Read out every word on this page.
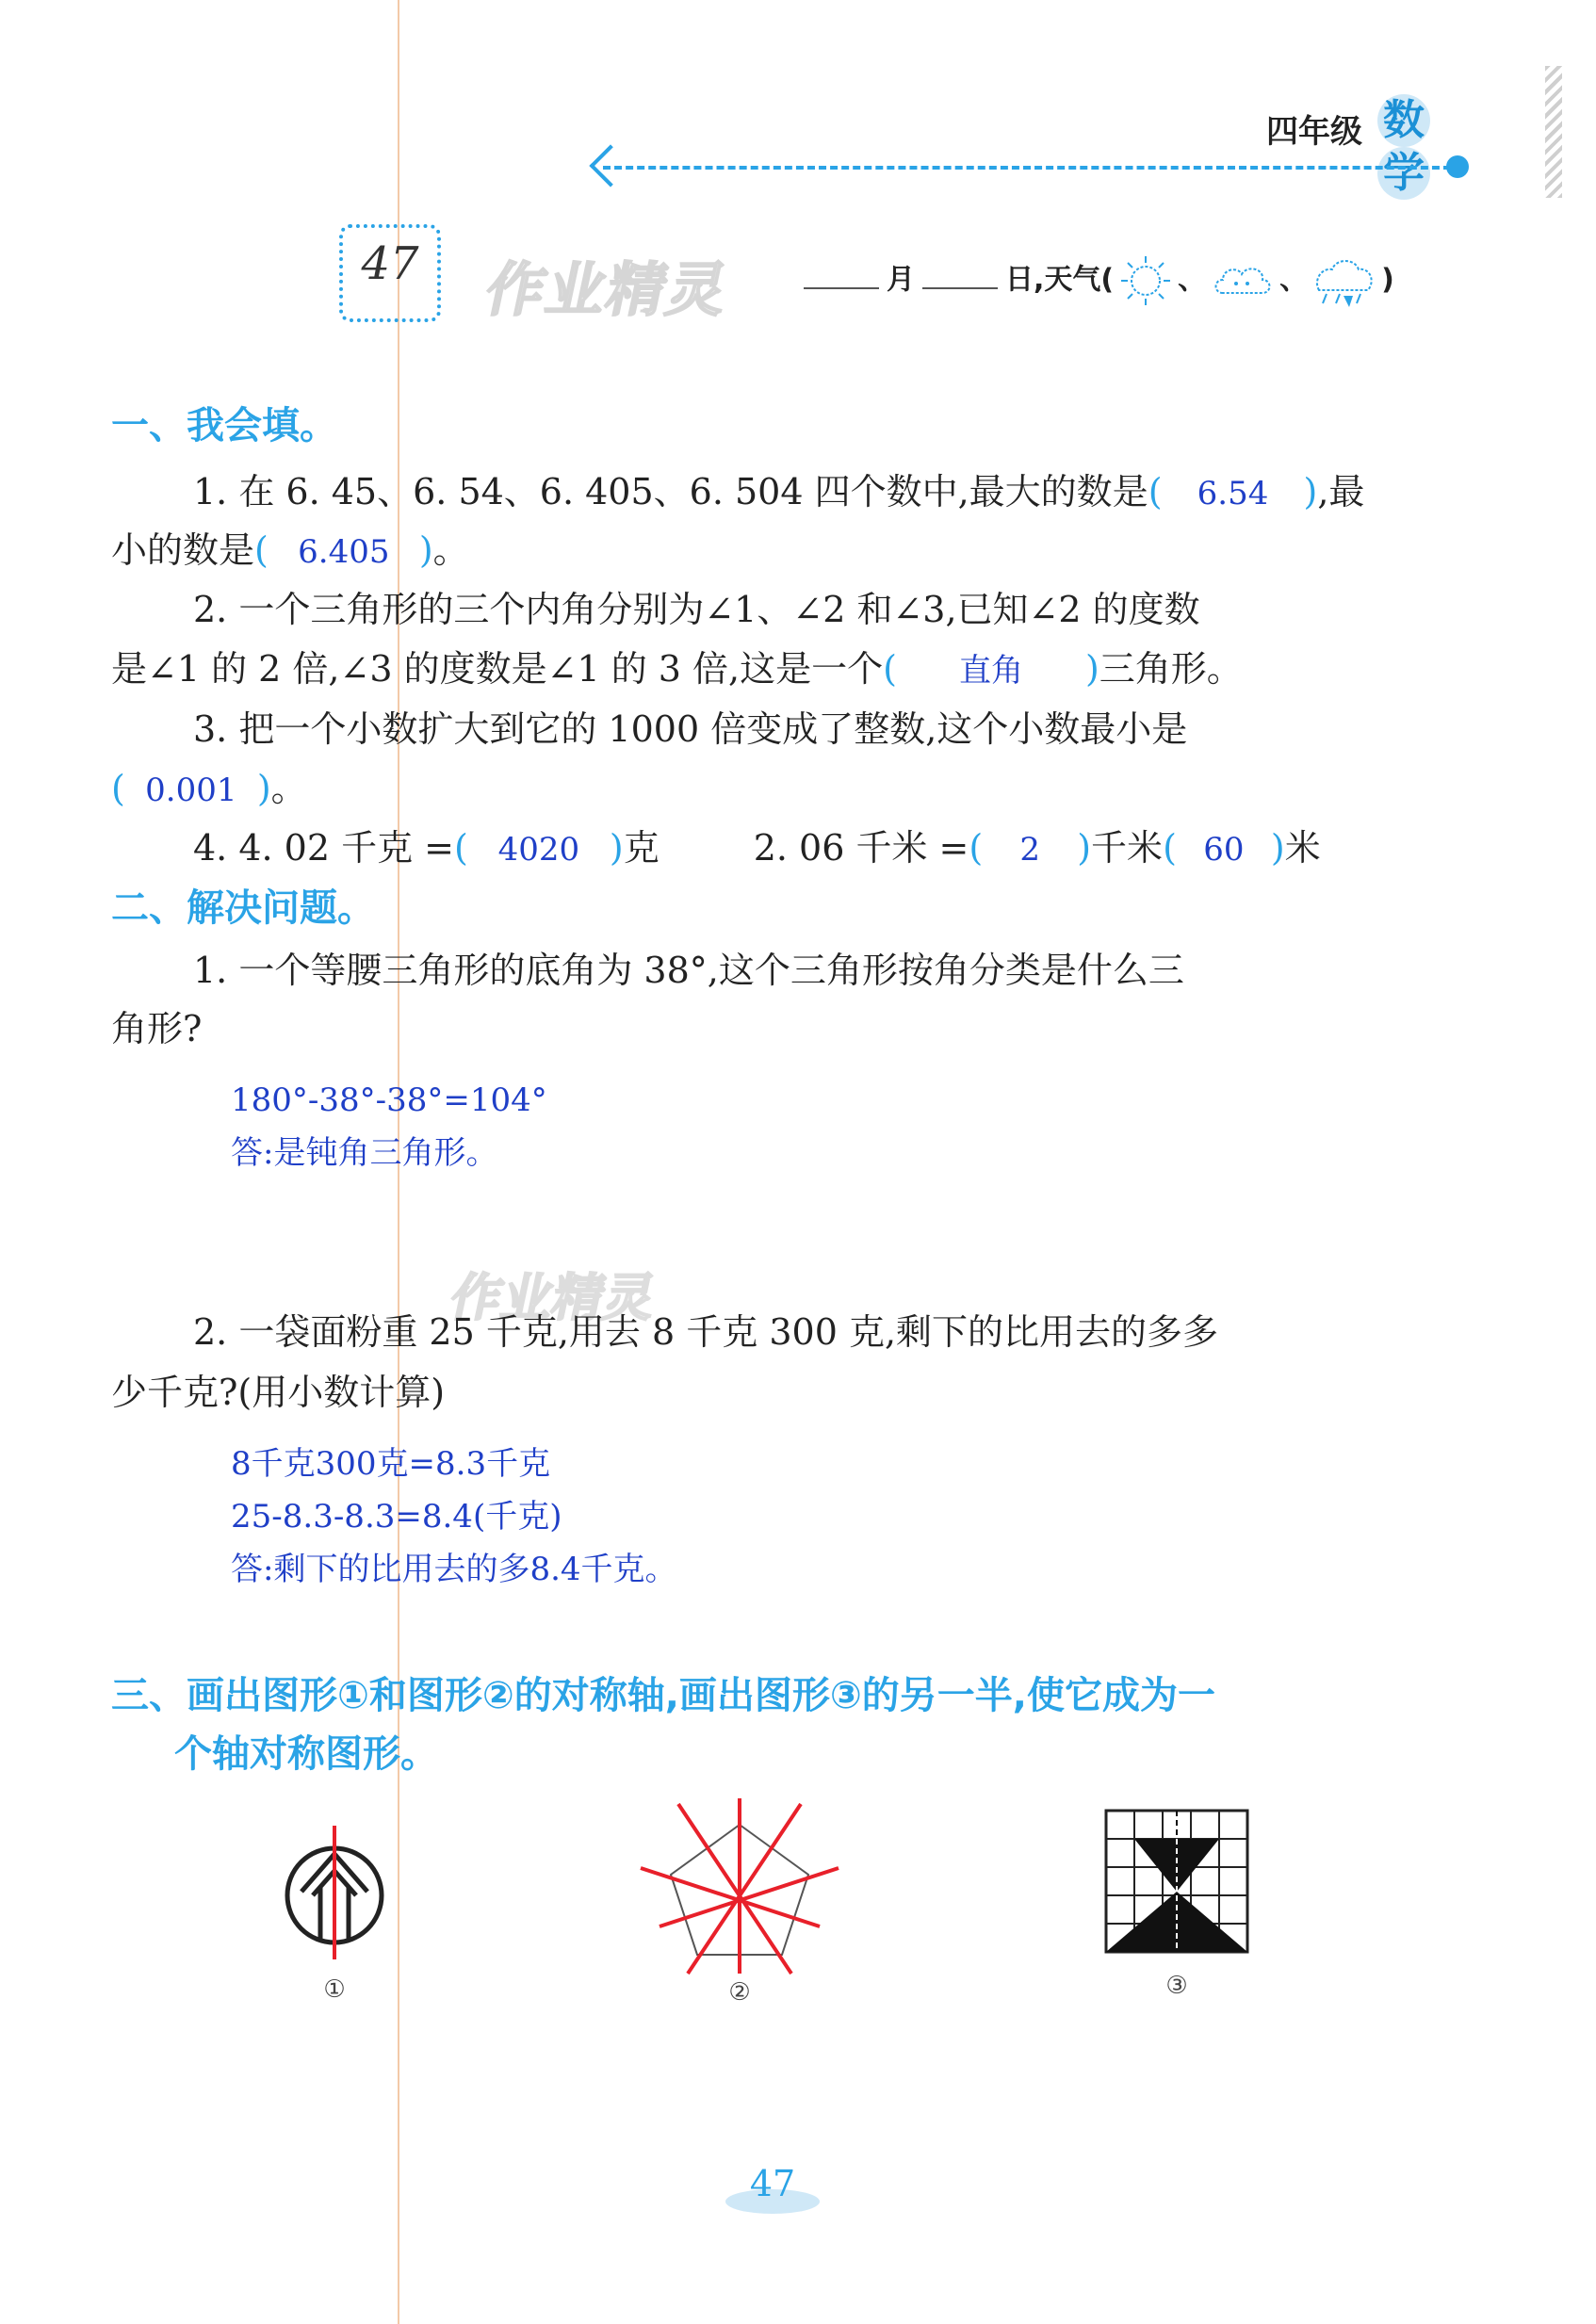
四年级 数学
47	作业精灵	月	日,天气( 、	、	)
一、我会填。
1. 在 6. 45、6. 54、6. 405、6. 504 四个数中,最大的数是( 6.54 ),最
小的数是( 6.405 )。
2. 一个三角形的三个内角分别为∠1、∠2 和∠3,已知∠2 的度数
是∠1 的 2 倍,∠3 的度数是∠1 的 3 倍,这是一个( 直角 )三角形。
3. 把一个小数扩大到它的 1000 倍变成了整数,这个小数最小是
( 0.001 )。
4. 4. 02 千克 =( 4020 )克	2. 06 千米 =( 2 )千米( 60 )米
二、解决问题。
1. 一个等腰三角形的底角为 38°,这个三角形按角分类是什么三
角形?
180°-38°-38°=104°
答:是钝角三角形。
作业精灵
2. 一袋面粉重 25 千克,用去 8 千克 300 克,剩下的比用去的多多
少千克?(用小数计算)
8千克300克=8.3千克
25-8.3-8.3=8.4(千克)
答:剩下的比用去的多8.4千克。
三、画出图形①和图形②的对称轴,画出图形③的另一半,使它成为一
个轴对称图形。
①	②	③
47
